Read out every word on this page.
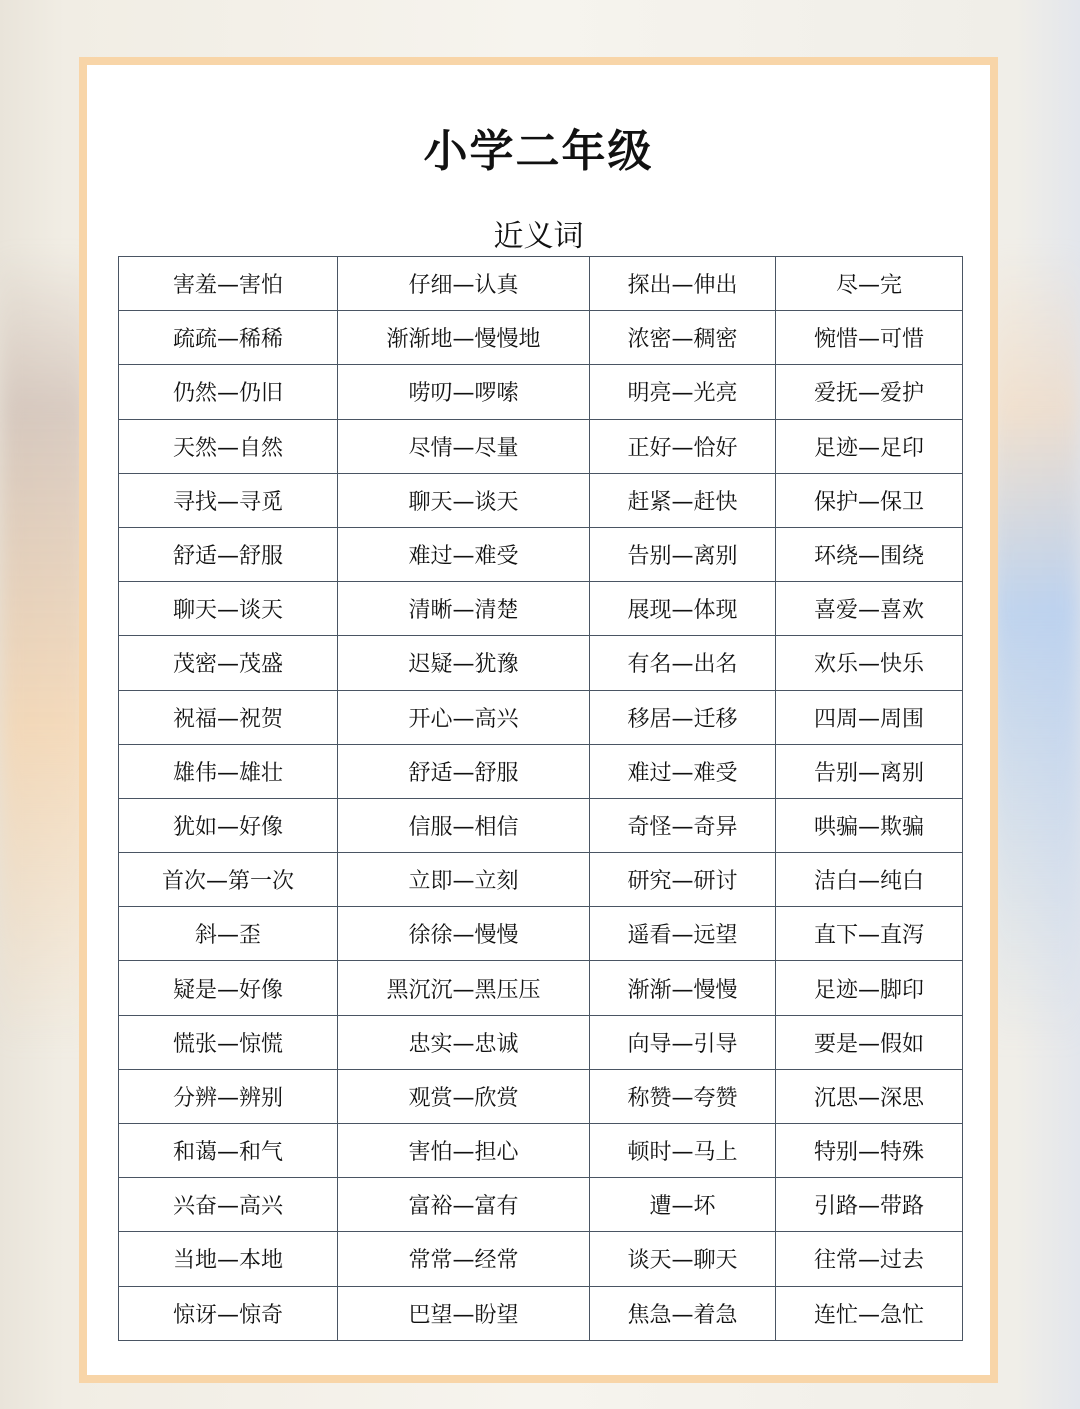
小学二年级
近义词
害羞—害怕	仔细—认真	探出—伸出	尽—完
疏疏—稀稀	渐渐地—慢慢地	浓密—稠密	惋惜—可惜
仍然—仍旧	唠叨—啰嗦	明亮—光亮	爱抚—爱护
天然—自然	尽情—尽量	正好—恰好	足迹—足印
寻找—寻觅	聊天—谈天	赶紧—赶快	保护—保卫
舒适—舒服	难过—难受	告别—离别	环绕—围绕
聊天—谈天	清晰—清楚	展现—体现	喜爱—喜欢
茂密—茂盛	迟疑—犹豫	有名—出名	欢乐—快乐
祝福—祝贺	开心—高兴	移居—迁移	四周—周围
雄伟—雄壮	舒适—舒服	难过—难受	告别—离别
犹如—好像	信服—相信	奇怪—奇异	哄骗—欺骗
首次—第一次	立即—立刻	研究—研讨	洁白—纯白
斜—歪	徐徐—慢慢	遥看—远望	直下—直泻
疑是—好像	黑沉沉—黑压压	渐渐—慢慢	足迹—脚印
慌张—惊慌	忠实—忠诚	向导—引导	要是—假如
分辨—辨别	观赏—欣赏	称赞—夸赞	沉思—深思
和蔼—和气	害怕—担心	顿时—马上	特别—特殊
兴奋—高兴	富裕—富有	遭—坏	引路—带路
当地—本地	常常—经常	谈天—聊天	往常—过去
惊讶—惊奇	巴望—盼望	焦急—着急	连忙—急忙
